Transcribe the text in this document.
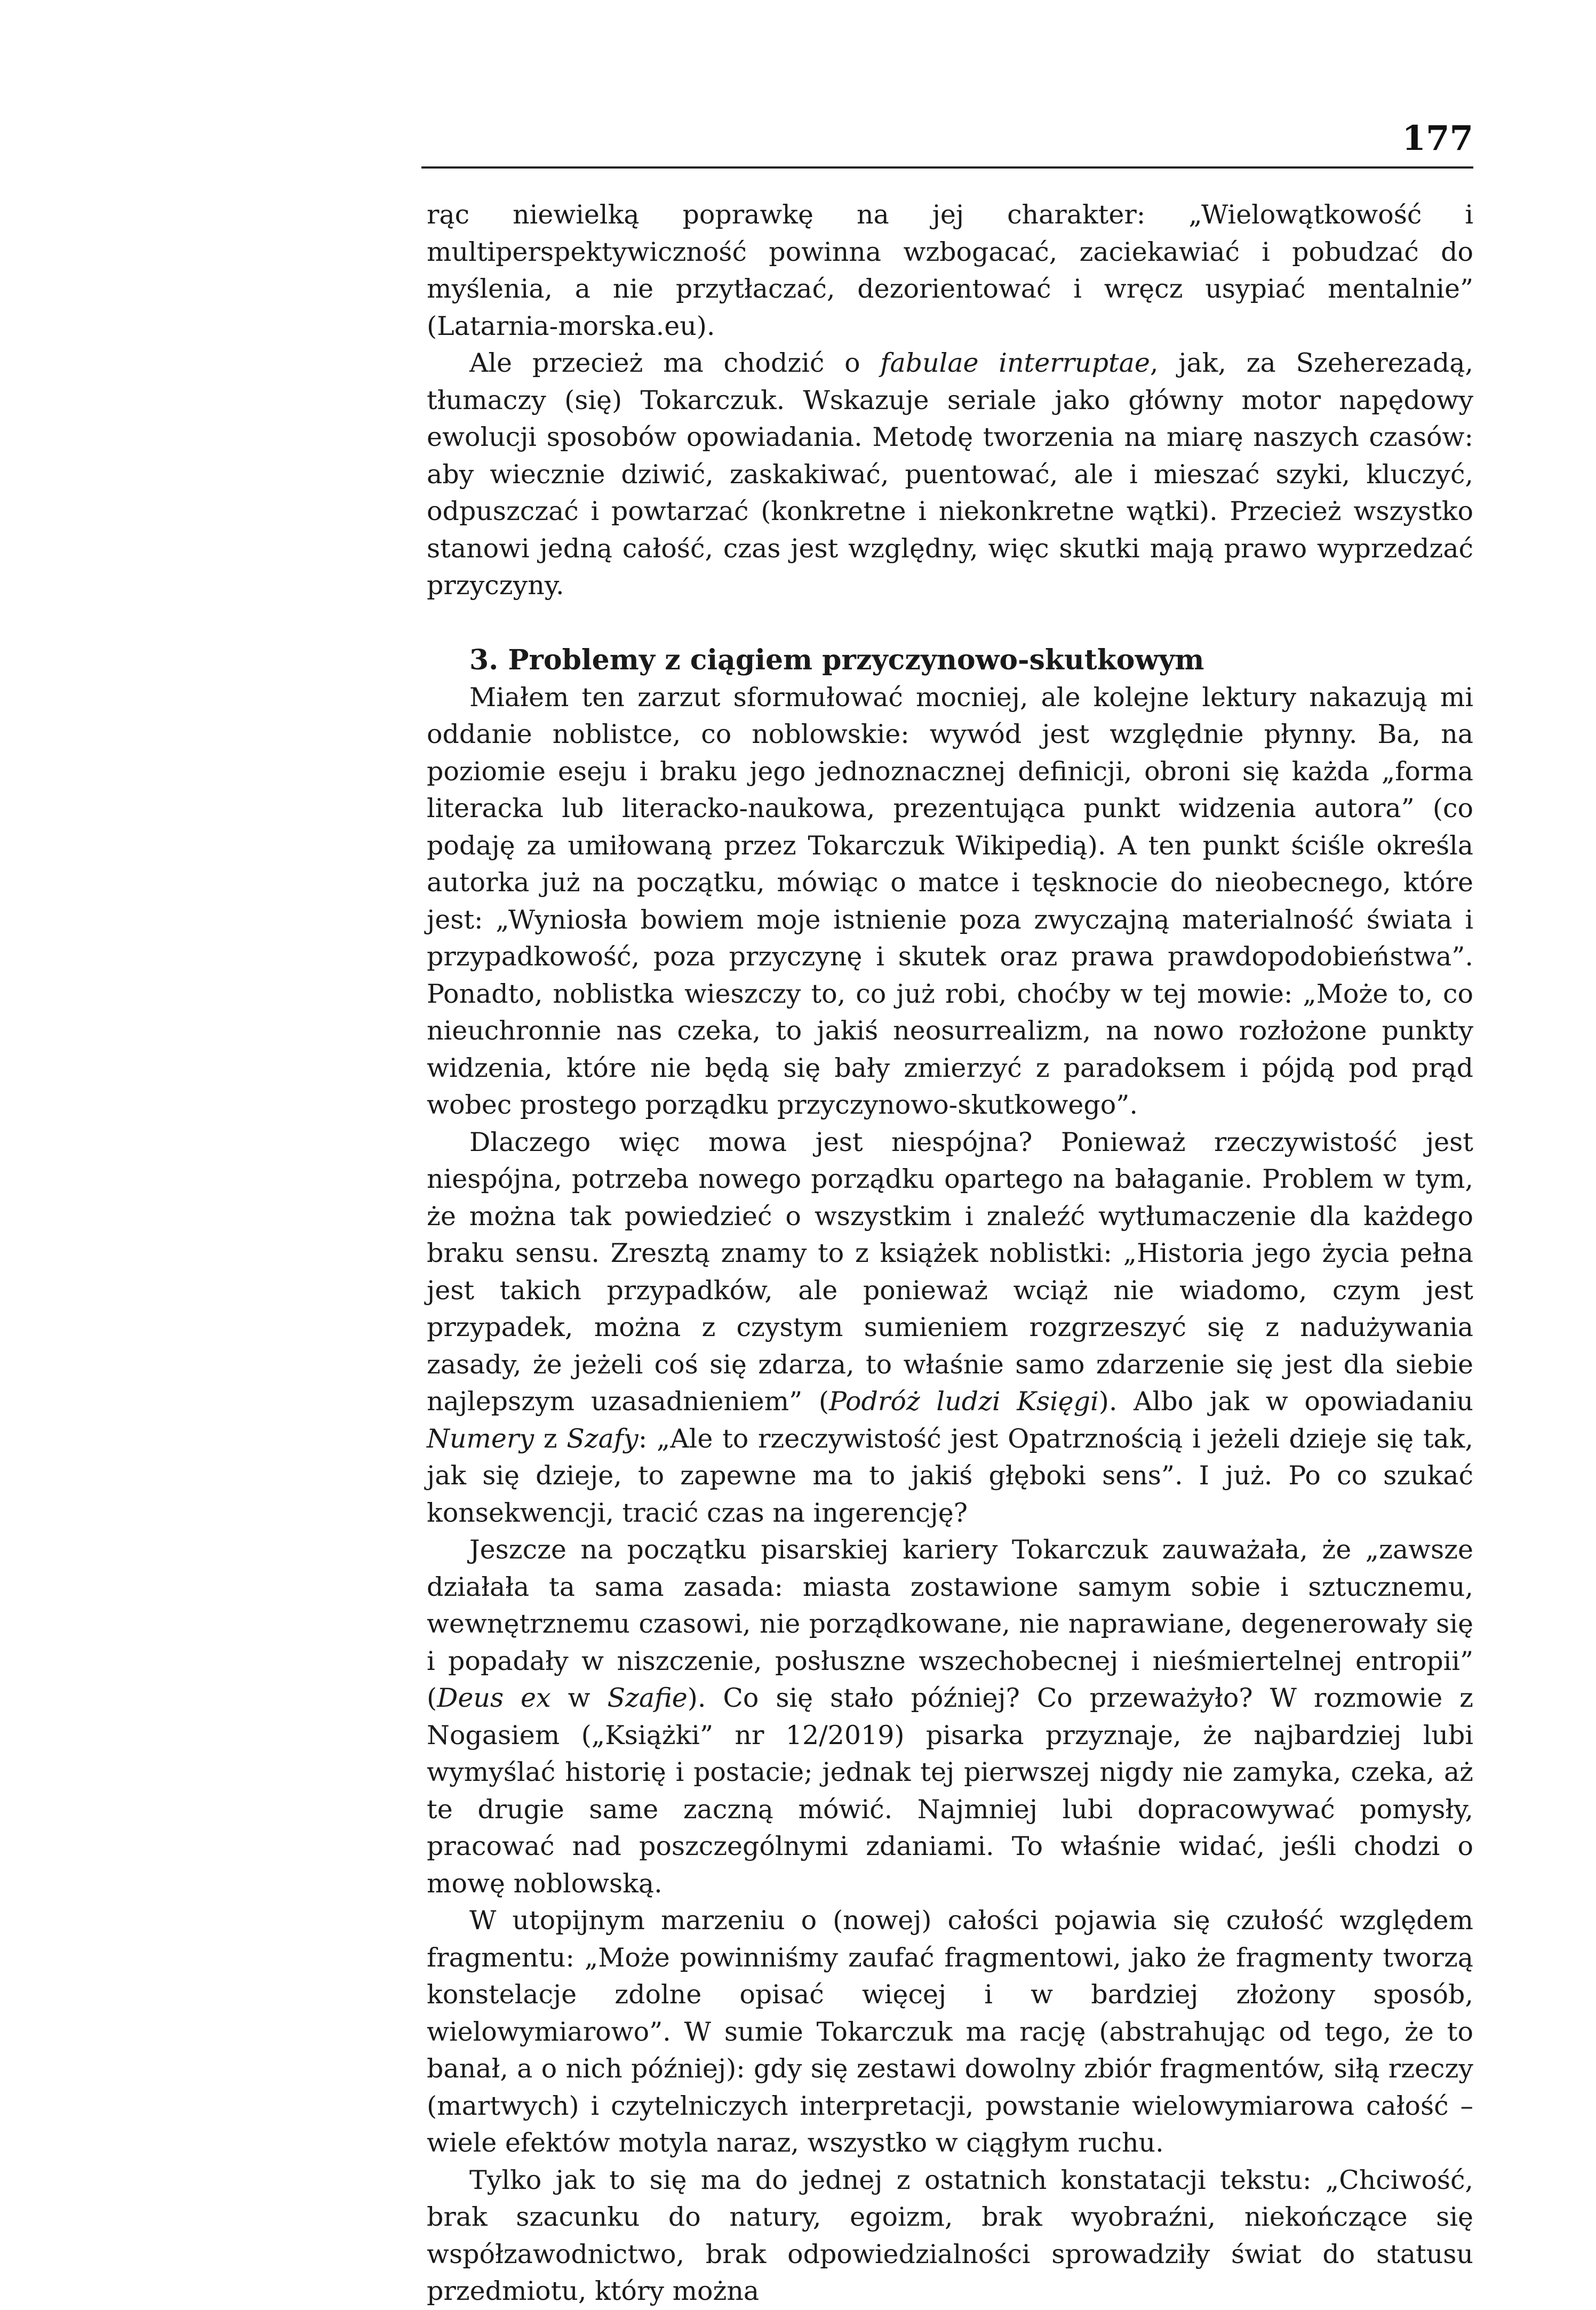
177

rąc niewielką poprawkę na jej charakter: „Wielowątkowość i multiperspektywiczność powinna wzbogacać, zaciekawiać i pobudzać do myślenia, a nie przytłaczać, dezorientować i wręcz usypiać mentalnie” (Latarnia-morska.eu).

Ale przecież ma chodzić o fabulae interruptae, jak, za Szeherezadą, tłumaczy (się) Tokarczuk. Wskazuje seriale jako główny motor napędowy ewolucji sposobów opowiadania. Metodę tworzenia na miarę naszych czasów: aby wiecznie dziwić, zaskakiwać, puentować, ale i mieszać szyki, kluczyć, odpuszczać i powtarzać (konkretne i niekonkretne wątki). Przecież wszystko stanowi jedną całość, czas jest względny, więc skutki mają prawo wyprzedzać przyczyny.

3. Problemy z ciągiem przyczynowo-skutkowym

Miałem ten zarzut sformułować mocniej, ale kolejne lektury nakazują mi oddanie noblistce, co noblowskie: wywód jest względnie płynny. Ba, na poziomie eseju i braku jego jednoznacznej definicji, obroni się każda „forma literacka lub literacko-naukowa, prezentująca punkt widzenia autora” (co podaję za umiłowaną przez Tokarczuk Wikipedią). A ten punkt ściśle określa autorka już na początku, mówiąc o matce i tęsknocie do nieobecnego, które jest: „Wyniosła bowiem moje istnienie poza zwyczajną materialność świata i przypadkowość, poza przyczynę i skutek oraz prawa prawdopodobieństwa”. Ponadto, noblistka wieszczy to, co już robi, choćby w tej mowie: „Może to, co nieuchronnie nas czeka, to jakiś neosurrealizm, na nowo rozłożone punkty widzenia, które nie będą się bały zmierzyć z paradoksem i pójdą pod prąd wobec prostego porządku przyczynowo-skutkowego”.

Dlaczego więc mowa jest niespójna? Ponieważ rzeczywistość jest niespójna, potrzeba nowego porządku opartego na bałaganie. Problem w tym, że można tak powiedzieć o wszystkim i znaleźć wytłumaczenie dla każdego braku sensu. Zresztą znamy to z książek noblistki: „Historia jego życia pełna jest takich przypadków, ale ponieważ wciąż nie wiadomo, czym jest przypadek, można z czystym sumieniem rozgrzeszyć się z nadużywania zasady, że jeżeli coś się zdarza, to właśnie samo zdarzenie się jest dla siebie najlepszym uzasadnieniem” (Podróż ludzi Księgi). Albo jak w opowiadaniu Numery z Szafy: „Ale to rzeczywistość jest Opatrznością i jeżeli dzieje się tak, jak się dzieje, to zapewne ma to jakiś głęboki sens”. I już. Po co szukać konsekwencji, tracić czas na ingerencję?

Jeszcze na początku pisarskiej kariery Tokarczuk zauważała, że „zawsze działała ta sama zasada: miasta zostawione samym sobie i sztucznemu, wewnętrznemu czasowi, nie porządkowane, nie naprawiane, degenerowały się i popadały w niszczenie, posłuszne wszechobecnej i nieśmiertelnej entropii” (Deus ex w Szafie). Co się stało później? Co przeważyło? W rozmowie z Nogasiem („Książki” nr 12/2019) pisarka przyznaje, że najbardziej lubi wymyślać historię i postacie; jednak tej pierwszej nigdy nie zamyka, czeka, aż te drugie same zaczną mówić. Najmniej lubi dopracowywać pomysły, pracować nad poszczególnymi zdaniami. To właśnie widać, jeśli chodzi o mowę noblowską.

W utopijnym marzeniu o (nowej) całości pojawia się czułość względem fragmentu: „Może powinniśmy zaufać fragmentowi, jako że fragmenty tworzą konstelacje zdolne opisać więcej i w bardziej złożony sposób, wielowymiarowo”. W sumie Tokarczuk ma rację (abstrahując od tego, że to banał, a o nich później): gdy się zestawi dowolny zbiór fragmentów, siłą rzeczy (martwych) i czytelniczych interpretacji, powstanie wielowymiarowa całość – wiele efektów motyla naraz, wszystko w ciągłym ruchu.

Tylko jak to się ma do jednej z ostatnich konstatacji tekstu: „Chciwość, brak szacunku do natury, egoizm, brak wyobraźni, niekończące się współzawodnictwo, brak odpowiedzialności sprowadziły świat do statusu przedmiotu, który można
